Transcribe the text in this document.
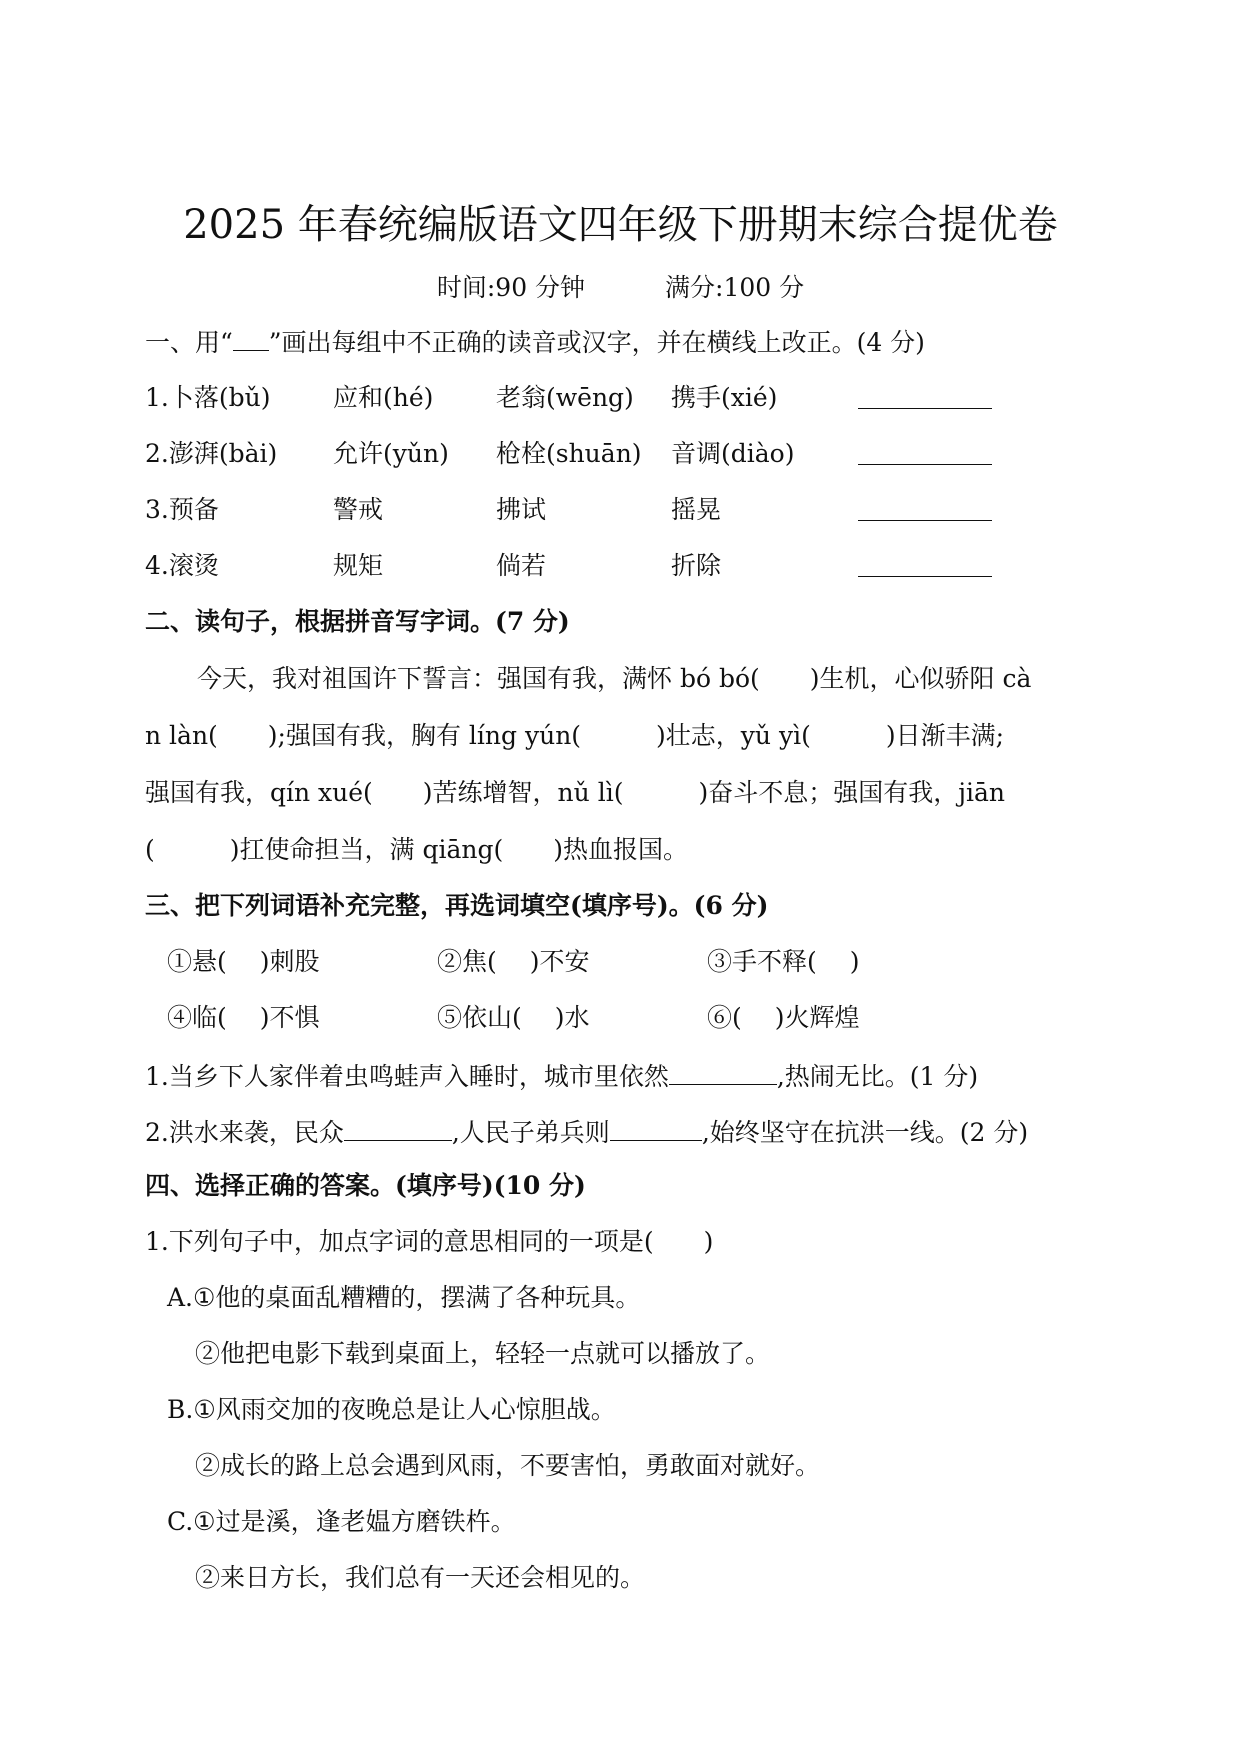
2025 年春统编版语文四年级下册期末综合提优卷
时间:90 分钟	满分:100 分
一、用“ ”画出每组中不正确的读音或汉字，并在横线上改正。(4 分)
1.卜落(bǔ)	应和(hé)	老翁(wēng) 携手(xié)
2.澎湃(bài) 允许(yǔn) 枪栓(shuān) 音调(diào)
3.预备	警戒	拂试	摇晃
4.滚烫	规矩	倘若	折除
二、读句子，根据拼音写字词。(7 分)
今天，我对祖国许下誓言：强国有我，满怀 bó bó(　　)生机，心似骄阳 cà
n làn(　　);强国有我，胸有 líng yún(　　　)壮志，yǔ yì(　　　)日渐丰满;
强国有我，qín xué(　　)苦练增智，nǔ lì(　　　)奋斗不息；强国有我，jiān
(　　　)扛使命担当，满 qiāng(　　)热血报国。
三、把下列词语补充完整，再选词填空(填序号)。(6 分)
①悬(　 )刺股	②焦(　 )不安	③手不释(　 )
④临(　 )不惧	⑤依山(　 )水	⑥(　 )火辉煌
1.当乡下人家伴着虫鸣蛙声入睡时，城市里依然	,热闹无比。(1 分)
2.洪水来袭，民众	,人民子弟兵则	,始终坚守在抗洪一线。(2 分)
四、选择正确的答案。(填序号)(10 分)
1.下列句子中，加点字词的意思相同的一项是(　　)
A.①他的桌面乱糟糟的，摆满了各种玩具。
②他把电影下载到桌面上，轻轻一点就可以播放了。
B.①风雨交加的夜晚总是让人心惊胆战。
②成长的路上总会遇到风雨，不要害怕，勇敢面对就好。
C.①过是溪，逢老媪方磨铁杵。
②来日方长，我们总有一天还会相见的。
